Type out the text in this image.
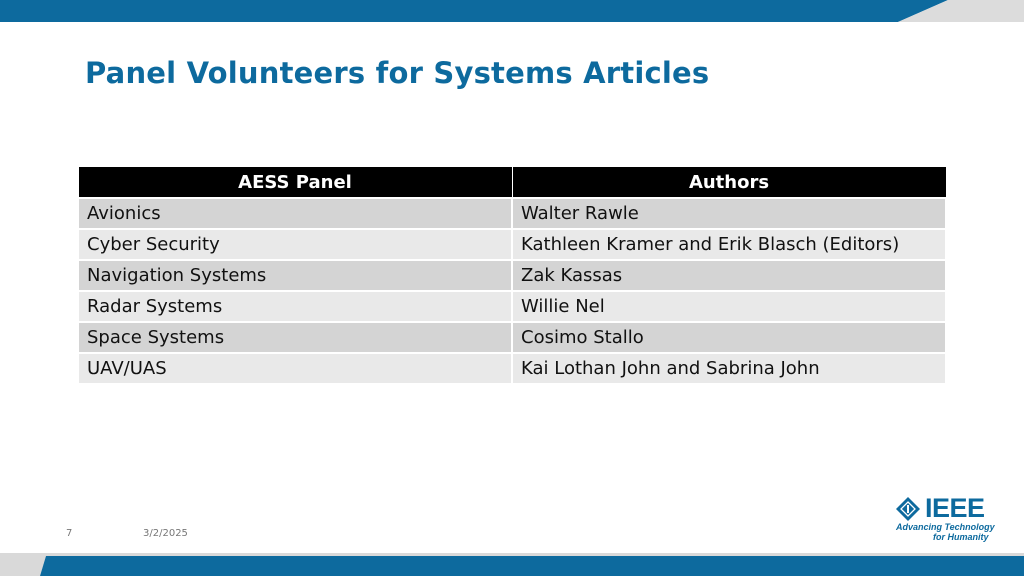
Panel Volunteers for Systems Articles
AESS Panel	Authors
Avionics	Walter Rawle
Cyber Security	Kathleen Kramer and Erik Blasch (Editors)
Navigation Systems	Zak Kassas
Radar Systems	Willie Nel
Space Systems	Cosimo Stallo
UAV/UAS	Kai Lothan John and Sabrina John
7	3/2/2025
IEEE
Advancing Technology
for Humanity
